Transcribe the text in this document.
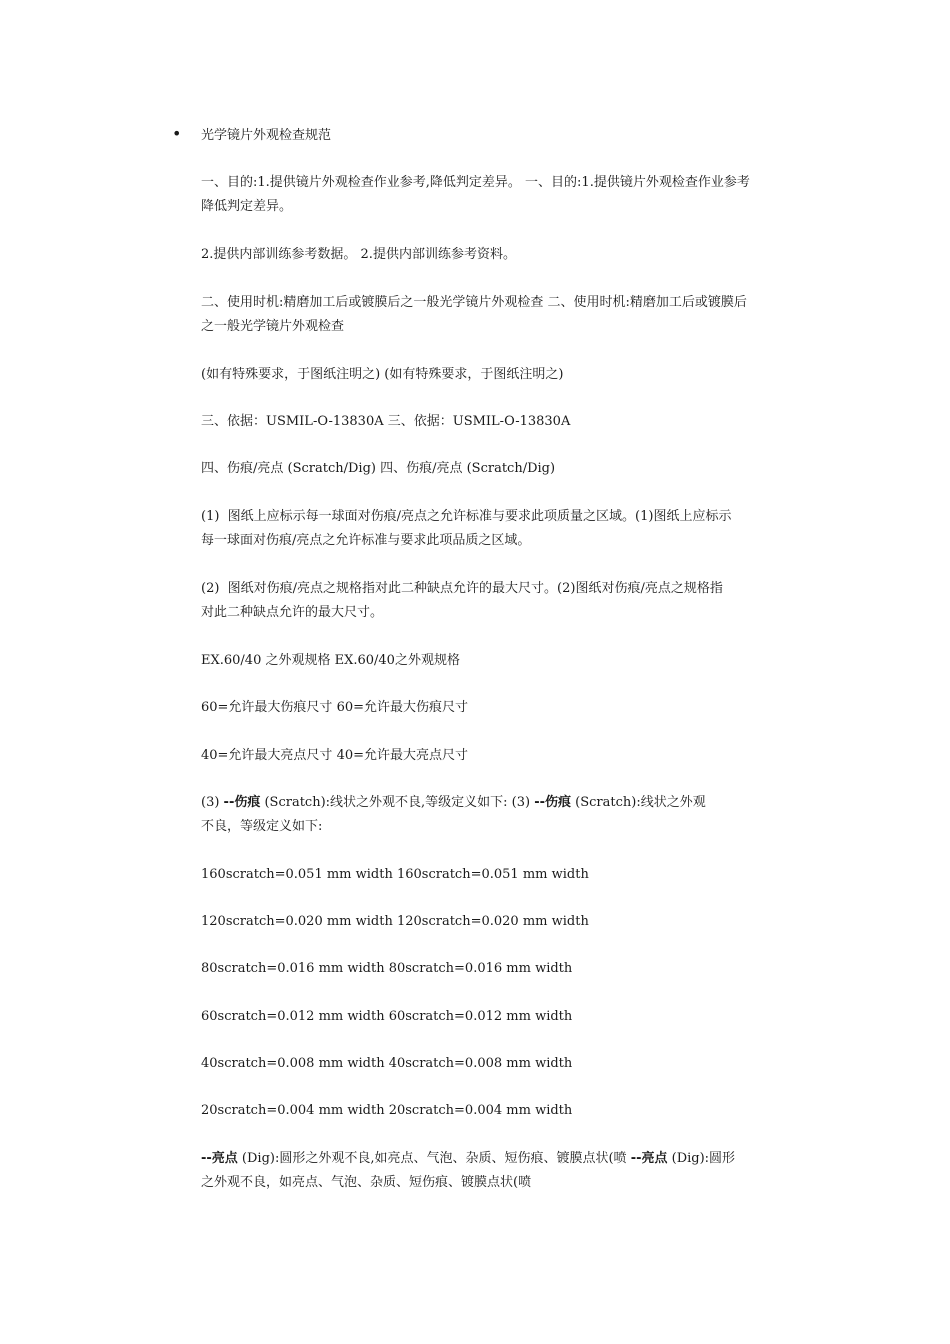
• 光学镜片外观检查规范

一、目的:1.提供镜片外观检查作业参考,降低判定差异。 一、目的:1.提供镜片外观检查作业参考
降低判定差异。

2.提供内部训练参考数据。 2.提供内部训练参考资料。

二、使用时机:精磨加工后或镀膜后之一般光学镜片外观检查 二、使用时机:精磨加工后或镀膜后
之一般光学镜片外观检查

(如有特殊要求，于图纸注明之) (如有特殊要求，于图纸注明之)

三、依据：USMIL-O-13830A 三、依据：USMIL-O-13830A

四、伤痕/亮点 (Scratch/Dig) 四、伤痕/亮点 (Scratch/Dig)

(1)  图纸上应标示每一球面对伤痕/亮点之允许标准与要求此项质量之区域。(1)图纸上应标示
每一球面对伤痕/亮点之允许标准与要求此项品质之区域。

(2)  图纸对伤痕/亮点之规格指对此二种缺点允许的最大尺寸。(2)图纸对伤痕/亮点之规格指
对此二种缺点允许的最大尺寸。

EX.60/40 之外观规格 EX.60/40之外观规格

60=允许最大伤痕尺寸 60=允许最大伤痕尺寸

40=允许最大亮点尺寸 40=允许最大亮点尺寸

(3) --伤痕 (Scratch):线状之外观不良,等级定义如下: (3) --伤痕 (Scratch):线状之外观
不良，等级定义如下:

160scratch=0.051 mm width 160scratch=0.051 mm width

120scratch=0.020 mm width 120scratch=0.020 mm width

80scratch=0.016 mm width 80scratch=0.016 mm width

60scratch=0.012 mm width 60scratch=0.012 mm width

40scratch=0.008 mm width 40scratch=0.008 mm width

20scratch=0.004 mm width 20scratch=0.004 mm width

--亮点 (Dig):圆形之外观不良,如亮点、气泡、杂质、短伤痕、镀膜点状(喷 --亮点 (Dig):圆形
之外观不良，如亮点、气泡、杂质、短伤痕、镀膜点状(喷
